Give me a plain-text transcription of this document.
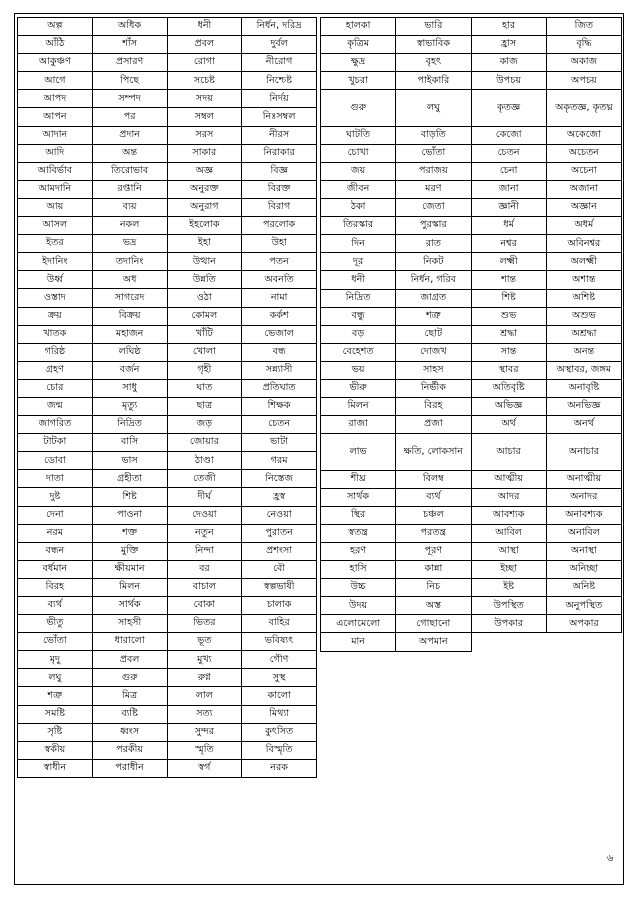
অল্প	অধিক	ধনী	নির্ধন, দরিদ্র
আঁঠি	শাঁস	প্রবল	দুর্বল
আকুঞ্চণ	প্রসারণ	রোগা	নীরোগ
আগে	পিছে	সচেষ্ট	নিশ্চেষ্ট
আপদ	সম্পদ	সদয়	নির্দয়
আপন	পর	সম্বল	নিঃসম্বল
আদান	প্রদান	সরস	নীরস
আদি	অন্ত	সাকার	নিরাকার
আবির্ভাব	তিরোভাব	অজ্ঞ	বিজ্ঞ
আমদানি	রপ্তানি	অনুরক্ত	বিরক্ত
আয়	ব্যয়	অনুরাগ	বিরাগ
আসল	নকল	ইহলোক	পরলোক
ইতর	ভদ্র	ইহা	উহা
ইদানিং	তদানিং	উত্থান	পতন
উর্ধ্ব	অধ	উন্নতি	অবনতি
ওস্তাদ	সাগরেদ	ওঠা	নামা
ক্রয়	বিক্রয়	কোমল	কর্কশ
খাতক	মহাজন	খাঁটি	ভেজাল
গরিষ্ঠ	লঘিষ্ঠ	খোলা	বন্ধ
গ্রহণ	বর্জন	গৃহী	সন্ন্যাসী
চোর	সাধু	ঘাত	প্রতিঘাত
জন্ম	মৃত্যু	ছাত্র	শিক্ষক
জাগরিত	নিদ্রিত	জড়	চেতন
টাটকা	বাসি	জোয়ার	ভাটা
ডোবা	ভাস	ঠাণ্ডা	গরম
দাতা	গ্রহীতা	তেজী	নিস্তেজ
দুষ্ট	শিষ্ট	দীর্ঘ	হ্রস্ব
দেনা	পাওনা	দেওয়া	নেওয়া
নরম	শক্ত	নতুন	পুরাতন
বন্ধন	মুক্তি	নিন্দা	প্রশংসা
বর্ধমান	ক্ষীয়মান	বর	বৌ
বিরহ	মিলন	বাচাল	স্বল্পভাষী
ব্যর্থ	সার্থক	বোকা	চালাক
ভীতু	সাহসী	ভিতর	বাহির
ভোঁতা	ধারালো	ভূত	ভবিষ্যৎ
মৃদু	প্রবল	মুখ্য	গৌণ
লঘু	গুরু	রুগ্ন	সুস্থ
শত্রু	মিত্র	লাল	কালো
সমষ্টি	ব্যষ্টি	সত্য	মিথ্যা
সৃষ্টি	ধ্বংস	সুন্দর	কুৎসিত
স্বকীয়	পরকীয়	স্মৃতি	বিস্মৃতি
স্বাধীন	পরাধীন	স্বর্গ	নরক
হালকা	ভারি	হার	জিত
কৃত্রিম	স্বাভাবিক	হ্রাস	বৃদ্ধি
ক্ষুদ্র	বৃহৎ	কাজ	অকাজ
খুচরা	পাইকারি	উপচয়	অপচয়
গুরু	লঘু	কৃতজ্ঞ	অকৃতজ্ঞ, কৃতঘ্ন
ঘাটতি	বাড়তি	কেজো	অকেজো
চোখা	ভোঁতা	চেতন	অচেতন
জয়	পরাজয়	চেনা	অচেনা
জীবন	মরণ	জানা	অজানা
ঠকা	জেতা	জ্ঞানী	অজ্ঞান
তিরস্কার	পুরস্কার	ধর্ম	অধর্ম
দিন	রাত	নশ্বর	অবিনশ্বর
দূর	নিকট	লক্ষ্মী	অলক্ষ্মী
ধনী	নির্ধন, গরিব	শান্ত	অশান্ত
নিদ্রিত	জাগ্রত	শিষ্ট	অশিষ্ট
বন্ধু	শত্রু	শুভ	অশুভ
বড়	ছোট	শ্রদ্ধা	অশ্রদ্ধা
বেহেশত	দোজখ	সান্ত	অনন্ত
ভয়	সাহস	স্থাবর	অস্থাবর, জঙ্গম
ভীরু	নির্ভীক	অতিবৃষ্টি	অনাবৃষ্টি
মিলন	বিরহ	অভিজ্ঞ	অনভিজ্ঞ
রাজা	প্রজা	অর্থ	অনর্থ
লাভ	ক্ষতি, লোকসান	আচার	অনাচার
শীঘ্র	বিলম্ব	আত্মীয়	অনাত্মীয়
সার্থক	ব্যর্থ	আদর	অনাদর
স্থির	চঞ্চল	আবশ্যক	অনাবশ্যক
স্বতন্ত্র	পরতন্ত্র	আবিল	অনাবিল
হরণ	পূরণ	আস্থা	অনাস্থা
হাসি	কান্না	ইচ্ছা	অনিচ্ছা
উচ্চ	নিচ	ইষ্ট	অনিষ্ট
উদয়	অস্ত	উপস্থিত	অনুপস্থিত
এলোমেলো	গোছানো	উপকার	অপকার
মান	অপমান		
৬
